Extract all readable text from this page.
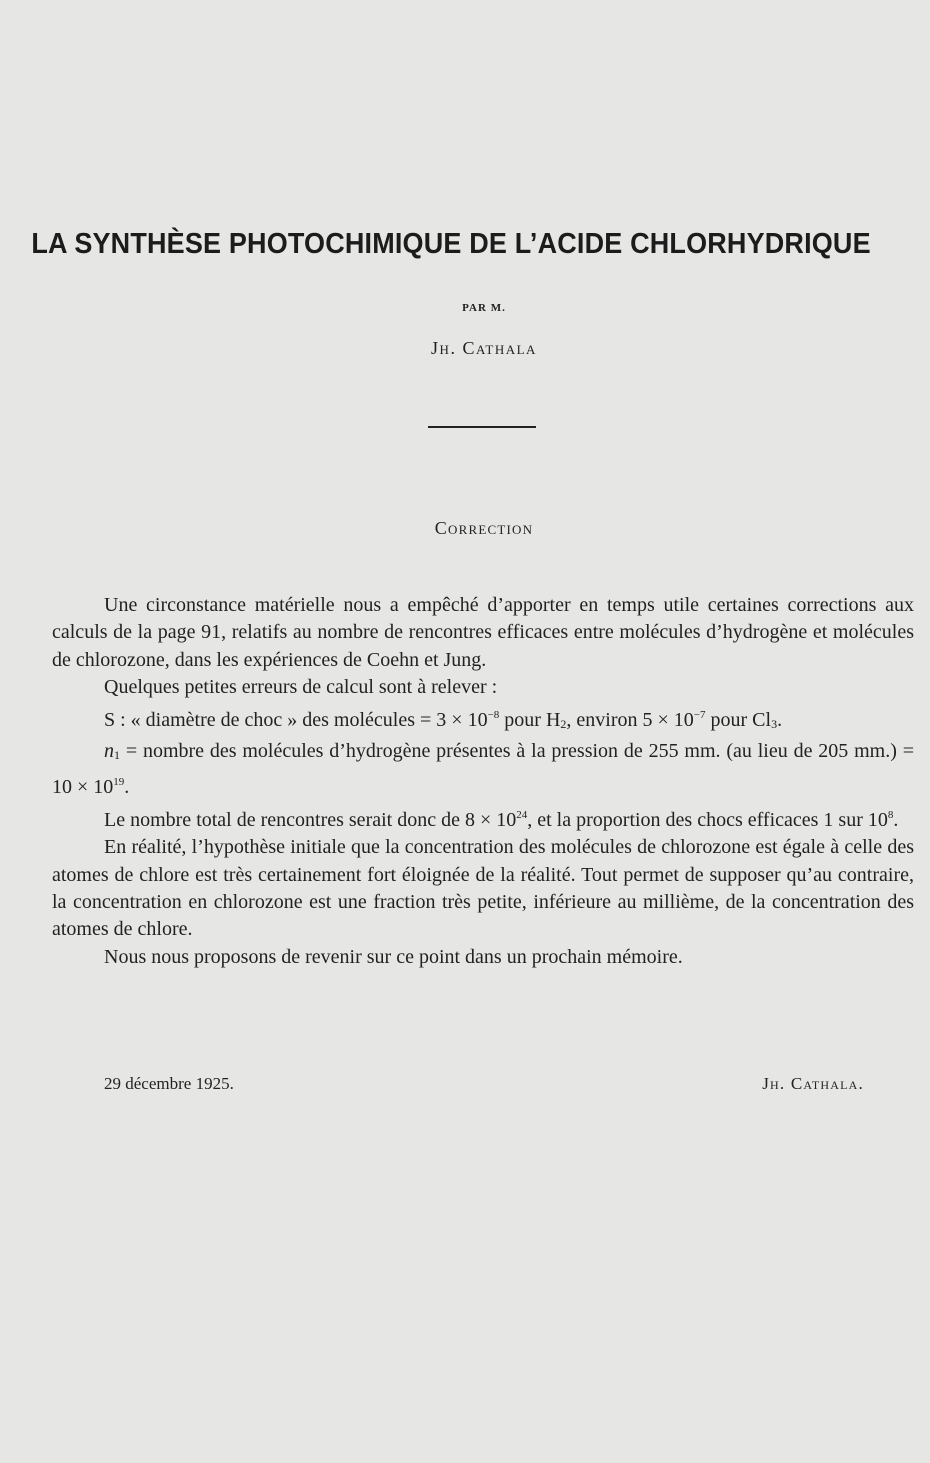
LA SYNTHÈSE PHOTOCHIMIQUE DE L’ACIDE CHLORHYDRIQUE
PAR M.
Jh. Cathala
Correction

Une circonstance matérielle nous a empêché d’apporter en temps utile certaines corrections aux calculs de la page 91, relatifs au nombre de rencontres efficaces entre molécules d’hydrogène et molécules de chlorozone, dans les expériences de Coehn et Jung.

Quelques petites erreurs de calcul sont à relever :

S : « diamètre de choc » des molécules = $3 \times 10^{-8}$ pour H2, environ $5 \times 10^{-7}$ pour Cl3.

n1 = nombre des molécules d’hydrogène présentes à la pression de 255 mm. (au lieu de 205 $mm.) = 10 \times 10^{19}$.

Le nombre total de rencontres serait donc de $8 \times 10^{24}$, et la proportion des chocs efficaces 1 sur $10^8$.

En réalité, l’hypothèse initiale que la concentration des molécules de chlorozone est égale à celle des atomes de chlore est très certainement fort éloignée de la réalité. Tout permet de supposer qu’au contraire, la concentration en chlorozone est une fraction très petite, inférieure au millième, de la concentration des atomes de chlore.

Nous nous proposons de revenir sur ce point dans un prochain mémoire.

29 décembre 1925.	Jh. Cathala.
